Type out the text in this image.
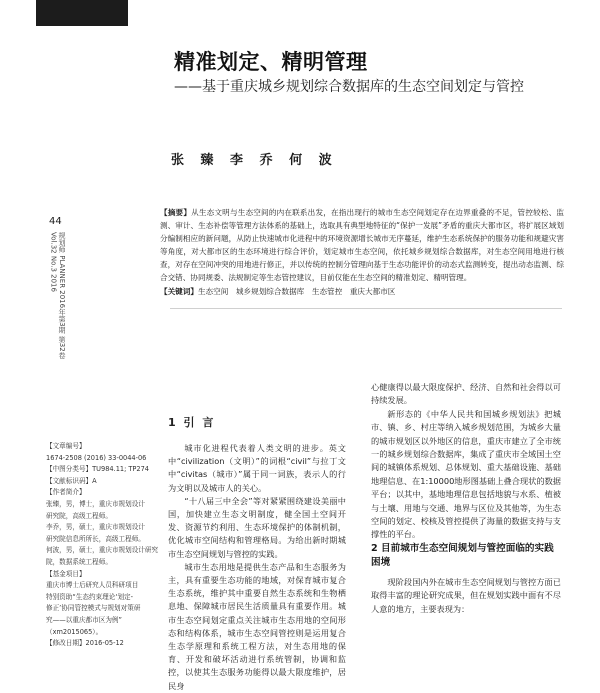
精准划定、精明管理
——基于重庆城乡规划综合数据库的生态空间划定与管控
张 臻 李 乔 何 波
44
规划师 PLANNER 2016年第3期 第32卷 Vol.32 No.3 2016
【摘要】从生态文明与生态空间的内在联系出发，在指出现行的城市生态空间划定存在边界重叠的不足，管控较松、监测、审计、生态补偿等管理方法体系的基础上，选取具有典型地特征的“保护一发展”矛盾的重庆大都市区，将扩展区域划分编制相应的新问题，从防止快速城市化进程中的环境资源增长城市无序蔓延，维护生态系统保护的服务功能和规避灾害等角度，对大都市区的生态环境进行综合评价，划定城市生态空间，依托城乡规划综合数据库，对生态空间用地进行核查，对存在空间冲突的用地进行修正，并以传统的控制分管理向基于生态功能评价的动态式监测转变，提出动态监测、综合交错、协同规委、法规制定等生态管控建议，目前仅能在生态空间的精准划定、精明管理。
【关键词】生态空间　城乡规划综合数据库　生态管控　重庆大都市区
【文章编号】
1674-2508 (2016) 33-0044-06
【中图分类号】TU984.11; TP274
【文献标识码】A
【作者简介】
张臻，男，博士，重庆市规划设计
研究院，高级工程师。
李乔，男，硕士，重庆市规划设计
研究院信息所所长，高级工程师。
何波，男，硕士，重庆市规划设计研究
院，数据系统工程师。
【基金项目】
重庆市博士后研究人员科研项目
特别资助“生态约束理论‘划定-
修正’协同管控模式与规划对策研
究——以重庆都市区为例”
（xm2015065）。
【修改日期】2016-05-12
1 引 言

城市化进程代表着人类文明的进步。英文中“civilization（文明）”的词根“civil”与拉丁文中“civitas（城市）”属于同一词族，表示人的行为文明以及城市人的关心。

“十八届三中全会”等对紧紧围绕建设美丽中国，加快建立生态文明制度，健全国土空间开发、资源节约利用、生态环境保护的体制机制，优化城市空间结构和管理格局。为给出新时期城市生态空间规划与管控的实践。

城市生态用地是提供生态产品和生态服务为主，具有重要生态功能的地域，对保育城市复合生态系统，维护其中重要自然生态系统和生物栖息地、保障城市居民生活质量具有重要作用。城市生态空间划定重点关注城市生态用地的空间形态和结构体系，城市生态空间管控则是运用复合生态学原理和系统工程方法，对生态用地的保育、开发和破坏活动进行系统管制，协调和监控，以使其生态服务功能得以最大限度维护，居民身

心健康得以最大限度保护、经济、自然和社会得以可持续发展。

新形态的《中华人民共和国城乡规划法》把城市、镇、乡、村庄等纳入城乡规划范围，为城乡大量的城市规划区以外地区的信息，重庆市建立了全市统一的城乡规划综合数据库，集成了重庆市全域国土空间的城镇体系规划、总体规划、重大基础设施、基础地理信息、在1:10000地形图基础上叠合现状的数据平台；以其中，基地地理信息包括地貌与水系、植被与土壤、用地与交通、地界与区位及其他等，为生态空间的划定、校核及管控提供了海量的数据支持与支撑性的平台。

2 目前城市生态空间规划与管控面临的实践困境

现阶段国内外在城市生态空间规划与管控方面已取得丰富的理论研究成果，但在规划实践中面有不尽人意的地方，主要表现为：
